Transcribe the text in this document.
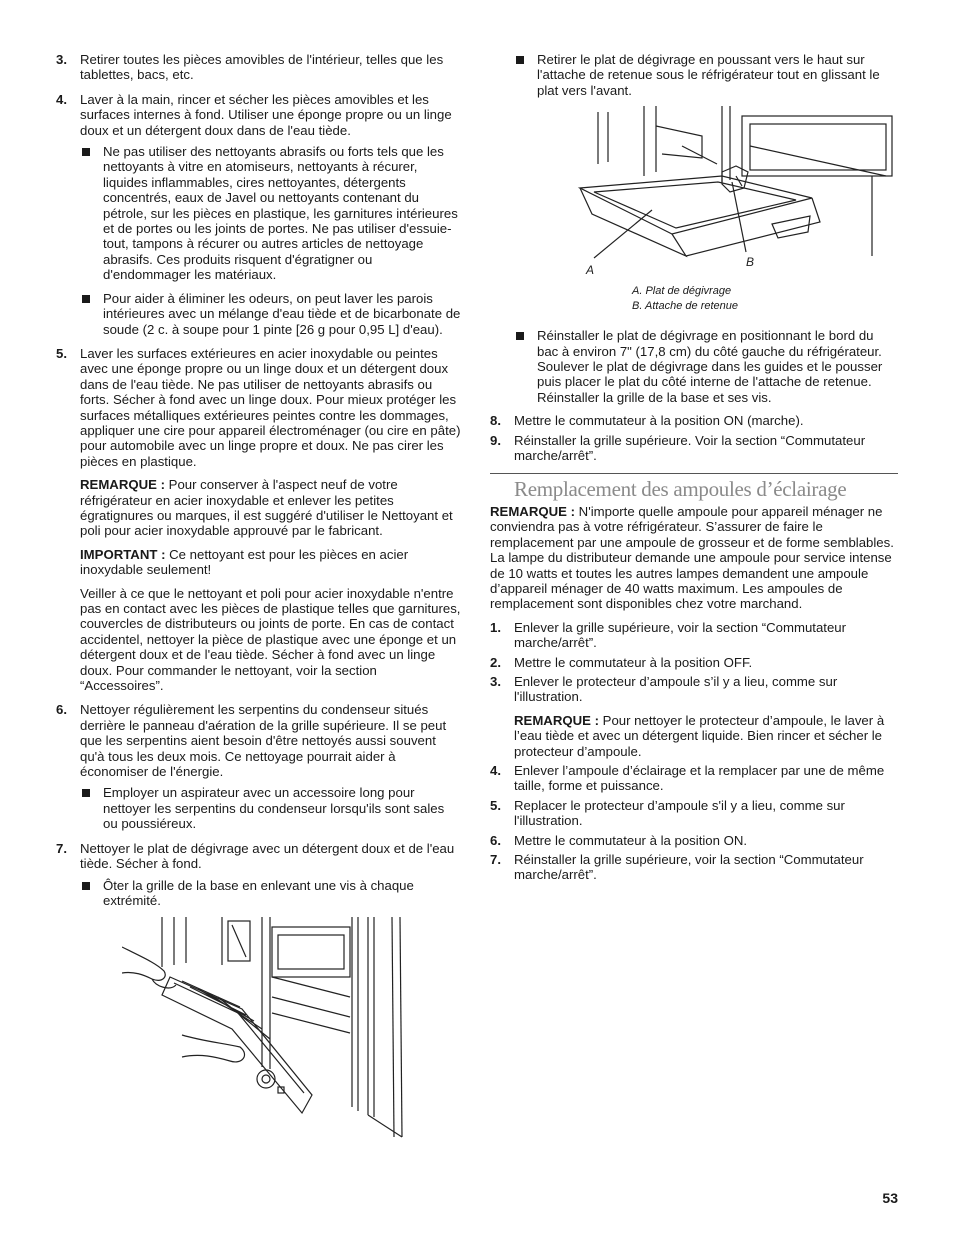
3. Retirer toutes les pièces amovibles de l'intérieur, telles que les tablettes, bacs, etc.

4. Laver à la main, rincer et sécher les pièces amovibles et les surfaces internes à fond. Utiliser une éponge propre ou un linge doux et un détergent doux dans de l'eau tiède.

Ne pas utiliser des nettoyants abrasifs ou forts tels que les nettoyants à vitre en atomiseurs, nettoyants à récurer, liquides inflammables, cires nettoyantes, détergents concentrés, eaux de Javel ou nettoyants contenant du pétrole, sur les pièces en plastique, les garnitures intérieures et de portes ou les joints de portes. Ne pas utiliser d'essuie-tout, tampons à récurer ou autres articles de nettoyage abrasifs. Ces produits risquent d'égratigner ou d'endommager les matériaux.
Pour aider à éliminer les odeurs, on peut laver les parois intérieures avec un mélange d'eau tiède et de bicarbonate de soude (2 c. à soupe pour 1 pinte [26 g pour 0,95 L] d'eau).
5. Laver les surfaces extérieures en acier inoxydable ou peintes avec une éponge propre ou un linge doux et un détergent doux dans de l'eau tiède. Ne pas utiliser de nettoyants abrasifs ou forts. Sécher à fond avec un linge doux. Pour mieux protéger les surfaces métalliques extérieures peintes contre les dommages, appliquer une cire pour appareil électroménager (ou cire en pâte) pour automobile avec un linge propre et doux. Ne pas cirer les pièces en plastique.

REMARQUE : Pour conserver à l'aspect neuf de votre réfrigérateur en acier inoxydable et enlever les petites égratignures ou marques, il est suggéré d'utiliser le Nettoyant et poli pour acier inoxydable approuvé par le fabricant.

IMPORTANT : Ce nettoyant est pour les pièces en acier inoxydable seulement!

Veiller à ce que le nettoyant et poli pour acier inoxydable n'entre pas en contact avec les pièces de plastique telles que garnitures, couvercles de distributeurs ou joints de porte. En cas de contact accidentel, nettoyer la pièce de plastique avec une éponge et un détergent doux et de l'eau tiède. Sécher à fond avec un linge doux. Pour commander le nettoyant, voir la section “Accessoires”.

6. Nettoyer régulièrement les serpentins du condenseur situés derrière le panneau d'aération de la grille supérieure. Il se peut que les serpentins aient besoin d'être nettoyés aussi souvent qu'à tous les deux mois. Ce nettoyage pourrait aider à économiser de l'énergie.

Employer un aspirateur avec un accessoire long pour nettoyer les serpentins du condenseur lorsqu'ils sont sales ou poussiéreux.
7. Nettoyer le plat de dégivrage avec un détergent doux et de l'eau tiède. Sécher à fond.

Ôter la grille de la base en enlevant une vis à chaque extrémité.
Retirer le plat de dégivrage en poussant vers le haut sur l'attache de retenue sous le réfrigérateur tout en glissant le plat vers l'avant.
A
B
A. Plat de dégivrage
B. Attache de retenue
Réinstaller le plat de dégivrage en positionnant le bord du bac à environ 7" (17,8 cm) du côté gauche du réfrigérateur. Soulever le plat de dégivrage dans les guides et le pousser puis placer le plat du côté interne de l'attache de retenue. Réinstaller la grille de la base et ses vis.
8. Mettre le commutateur à la position ON (marche).

9. Réinstaller la grille supérieure. Voir la section “Commutateur marche/arrêt”.

Remplacement des ampoules d’éclairage

REMARQUE : N'importe quelle ampoule pour appareil ménager ne conviendra pas à votre réfrigérateur. S’assurer de faire le remplacement par une ampoule de grosseur et de forme semblables. La lampe du distributeur demande une ampoule pour service intense de 10 watts et toutes les autres lampes demandent une ampoule d’appareil ménager de 40 watts maximum. Les ampoules de remplacement sont disponibles chez votre marchand.

1. Enlever la grille supérieure, voir la section “Commutateur marche/arrêt”.

2. Mettre le commutateur à la position OFF.

3. Enlever le protecteur d’ampoule s’il y a lieu, comme sur l'illustration.

REMARQUE : Pour nettoyer le protecteur d’ampoule, le laver à l’eau tiède et avec un détergent liquide. Bien rincer et sécher le protecteur d’ampoule.

4. Enlever l’ampoule d’éclairage et la remplacer par une de même taille, forme et puissance.

5. Replacer le protecteur d’ampoule s'il y a lieu, comme sur l'illustration.

6. Mettre le commutateur à la position ON.

7. Réinstaller la grille supérieure, voir la section “Commutateur marche/arrêt”.

53
